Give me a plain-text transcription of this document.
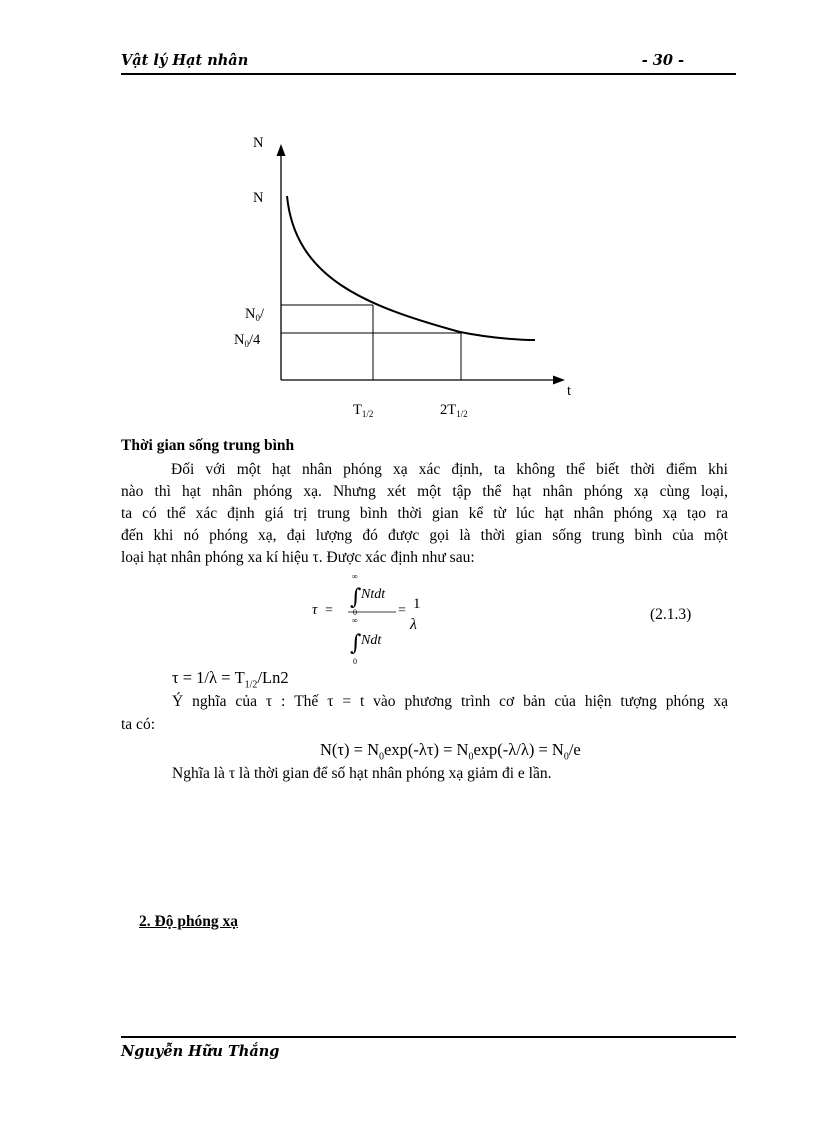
Vật lý Hạt nhân	- 30 -
N
N
$N_0/$
$N_0/4$
t
$T_{1/2}$	$2T_{1/2}$
Thời gian sống trung bình
Đối với một hạt nhân phóng xạ xác định, ta không thể biết thời điểm khi
nào thì hạt nhân phóng xạ. Nhưng xét một tập thể hạt nhân phóng xạ cùng loại,
ta có thể xác định giá trị trung bình thời gian kể từ lúc hạt nhân phóng xạ tạo ra
đến khi nó phóng xạ, đại lượng đó được gọi là thời gian sống trung bình của một
loại hạt nhân phóng xa kí hiệu τ. Được xác định như sau:
τ =
∞
∫
0
Ntdt
∞
∫
0
Ndt
= 1
λ
(2.1.3)
$\tau = 1/\lambda = T_{1/2}/Ln2$
Ý nghĩa của τ : Thế τ = t vào phương trình cơ bản của hiện tượng phóng xạ
ta có:
$N(\tau) = N_0\exp(-\lambda\tau) = N_0\exp(-\lambda/\lambda) = N_0/e$
Nghĩa là τ là thời gian để số hạt nhân phóng xạ giảm đi e lần.
2. Độ phóng xạ
Nguyễn Hữu Thắng
